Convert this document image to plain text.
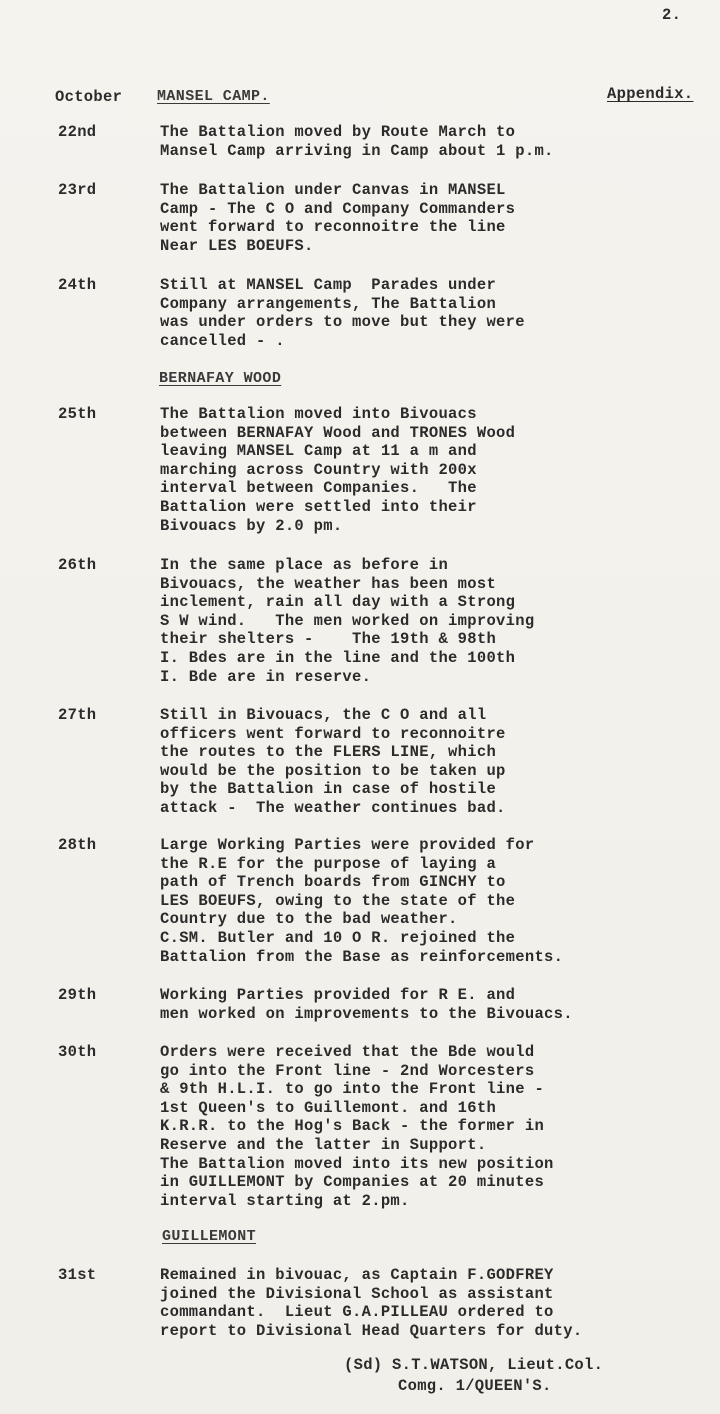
2.
October MANSEL CAMP.	Appendix.
22nd	The Battalion moved by Route March to
Mansel Camp arriving in Camp about 1 p.m.
23rd	The Battalion under Canvas in MANSEL
Camp - The C O and Company Commanders
went forward to reconnoitre the line
Near LES BOEUFS.
24th	Still at MANSEL Camp  Parades under
Company arrangements, The Battalion
was under orders to move but they were
cancelled - .
BERNAFAY WOOD
25th	The Battalion moved into Bivouacs
between BERNAFAY Wood and TRONES Wood
leaving MANSEL Camp at 11 a m and
marching across Country with 200x
interval between Companies.   The
Battalion were settled into their
Bivouacs by 2.0 pm.
26th	In the same place as before in
Bivouacs, the weather has been most
inclement, rain all day with a Strong
S W wind.   The men worked on improving
their shelters -    The 19th & 98th
I. Bdes are in the line and the 100th
I. Bde are in reserve.
27th	Still in Bivouacs, the C O and all
officers went forward to reconnoitre
the routes to the FLERS LINE, which
would be the position to be taken up
by the Battalion in case of hostile
attack -  The weather continues bad.
28th	Large Working Parties were provided for
the R.E for the purpose of laying a
path of Trench boards from GINCHY to
LES BOEUFS, owing to the state of the
Country due to the bad weather.
C.SM. Butler and 10 O R. rejoined the
Battalion from the Base as reinforcements.
29th	Working Parties provided for R E. and
men worked on improvements to the Bivouacs.
30th	Orders were received that the Bde would
go into the Front line - 2nd Worcesters
& 9th H.L.I. to go into the Front line -
1st Queen's to Guillemont. and 16th
K.R.R. to the Hog's Back - the former in
Reserve and the latter in Support.
The Battalion moved into its new position
in GUILLEMONT by Companies at 20 minutes
interval starting at 2.pm.
GUILLEMONT
31st	Remained in bivouac, as Captain F.GODFREY
joined the Divisional School as assistant
commandant.  Lieut G.A.PILLEAU ordered to
report to Divisional Head Quarters for duty.
(Sd) S.T.WATSON, Lieut.Col.
Comg. 1/QUEEN'S.
